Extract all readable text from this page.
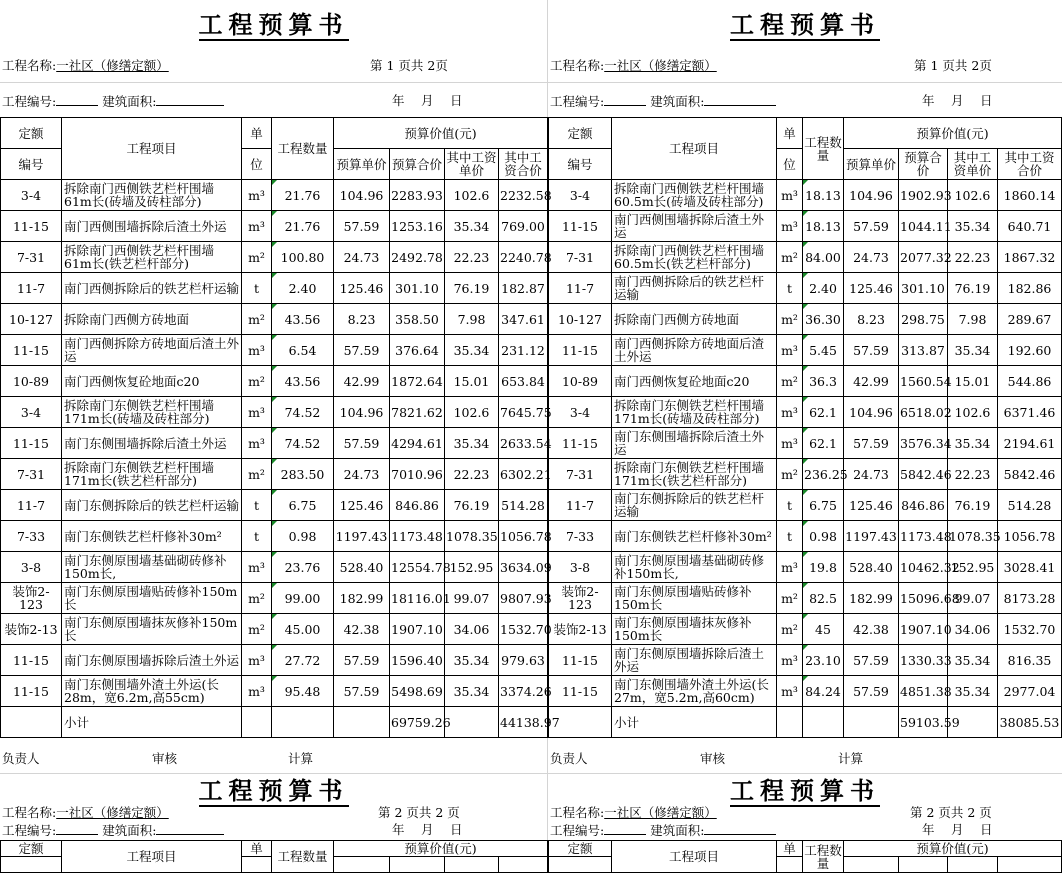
工程预算书
工程名称:一社区（修缮定额）	第 1 页共 2页
工程编号:	建筑面积:	年　 月　 日
定额	工程项目	单	工程数量	预算价值(元)			
编号		位		预算单价	预算合价	其中工资单价	其中工资合价
3-4	拆除南门西侧铁艺栏杆围墙61m长(砖墙及砖柱部分)	m³	21.76	104.96	2283.93	102.6	2232.58
11-15	南门西侧围墙拆除后渣土外运	m³	21.76	57.59	1253.16	35.34	769.00
7-31	拆除南门西侧铁艺栏杆围墙61m长(铁艺栏杆部分)	m²	100.80	24.73	2492.78	22.23	2240.78
11-7	南门西侧拆除后的铁艺栏杆运输	t	2.40	125.46	301.10	76.19	182.87
10-127	拆除南门西侧方砖地面	m²	43.56	8.23	358.50	7.98	347.61
11-15	南门西侧拆除方砖地面后渣土外运	m³	6.54	57.59	376.64	35.34	231.12
10-89	南门西侧恢复砼地面c20	m²	43.56	42.99	1872.64	15.01	653.84
3-4	拆除南门东侧铁艺栏杆围墙171m长(砖墙及砖柱部分)	m³	74.52	104.96	7821.62	102.6	7645.75
11-15	南门东侧围墙拆除后渣土外运	m³	74.52	57.59	4294.61	35.34	2633.54
7-31	拆除南门东侧铁艺栏杆围墙171m长(铁艺栏杆部分)	m²	283.50	24.73	7010.96	22.23	6302.21
11-7	南门东侧拆除后的铁艺栏杆运输	t	6.75	125.46	846.86	76.19	514.28
7-33	南门东侧铁艺栏杆修补30m²	t	0.98	1197.43	1173.48	1078.35	1056.78
3-8	南门东侧原围墙基础砌砖修补150m长,	m³	23.76	528.40	12554.78	152.95	3634.09
装饰2-123	南门东侧原围墙贴砖修补150m长	m²	99.00	182.99	18116.01	99.07	9807.93
装饰2-13	南门东侧原围墙抹灰修补150m长	m²	45.00	42.38	1907.10	34.06	1532.70
11-15	南门东侧原围墙拆除后渣土外运	m³	27.72	57.59	1596.40	35.34	979.63
11-15	南门东侧围墙外渣土外运(长28m，宽6.2m,高55cm)	m³	95.48	57.59	5498.69	35.34	3374.26
	小计				69759.26		44138.97
负责人	审核	计算
工程预算书
工程名称:一社区（修缮定额）	第 2 页共 2 页
工程编号:	建筑面积:	年　 月　 日
定额	工程项目	单	工程数量	预算价值(元)			

工程预算书
工程名称:一社区（修缮定额）	第 1 页共 2页
工程编号:	建筑面积:	年　 月　 日
定额	工程项目	单	工程数量	预算价值(元)			
编号		位		预算单价	预算合价	其中工资单价	其中工资合价
3-4	拆除南门西侧铁艺栏杆围墙60.5m长(砖墙及砖柱部分)	m³	18.13	104.96	1902.93	102.6	1860.14
11-15	南门西侧围墙拆除后渣土外运	m³	18.13	57.59	1044.11	35.34	640.71
7-31	拆除南门西侧铁艺栏杆围墙60.5m长(铁艺栏杆部分)	m²	84.00	24.73	2077.32	22.23	1867.32
11-7	南门西侧拆除后的铁艺栏杆运输	t	2.40	125.46	301.10	76.19	182.86
10-127	拆除南门西侧方砖地面	m²	36.30	8.23	298.75	7.98	289.67
11-15	南门西侧拆除方砖地面后渣土外运	m³	5.45	57.59	313.87	35.34	192.60
10-89	南门西侧恢复砼地面c20	m²	36.3	42.99	1560.54	15.01	544.86
3-4	拆除南门东侧铁艺栏杆围墙171m长(砖墙及砖柱部分)	m³	62.1	104.96	6518.02	102.6	6371.46
11-15	南门东侧围墙拆除后渣土外运	m³	62.1	57.59	3576.34	35.34	2194.61
7-31	拆除南门东侧铁艺栏杆围墙171m长(铁艺栏杆部分)	m²	236.25	24.73	5842.46	22.23	5842.46
11-7	南门东侧拆除后的铁艺栏杆运输	t	6.75	125.46	846.86	76.19	514.28
7-33	南门东侧铁艺栏杆修补30m²	t	0.98	1197.43	1173.48	1078.35	1056.78
3-8	南门东侧原围墙基础砌砖修补150m长,	m³	19.8	528.40	10462.32	152.95	3028.41
装饰2-123	南门东侧原围墙贴砖修补150m长	m²	82.5	182.99	15096.68	99.07	8173.28
装饰2-13	南门东侧原围墙抹灰修补150m长	m²	45	42.38	1907.10	34.06	1532.70
11-15	南门东侧原围墙拆除后渣土外运	m³	23.10	57.59	1330.33	35.34	816.35
11-15	南门东侧围墙外渣土外运(长27m，宽5.2m,高60cm)	m³	84.24	57.59	4851.38	35.34	2977.04
	小计				59103.59		38085.53
负责人	审核	计算
工程预算书
工程名称:一社区（修缮定额）	第 2 页共 2 页
工程编号:	建筑面积:	年　 月　 日
定额	工程项目	单	工程数量	预算价值(元)			
